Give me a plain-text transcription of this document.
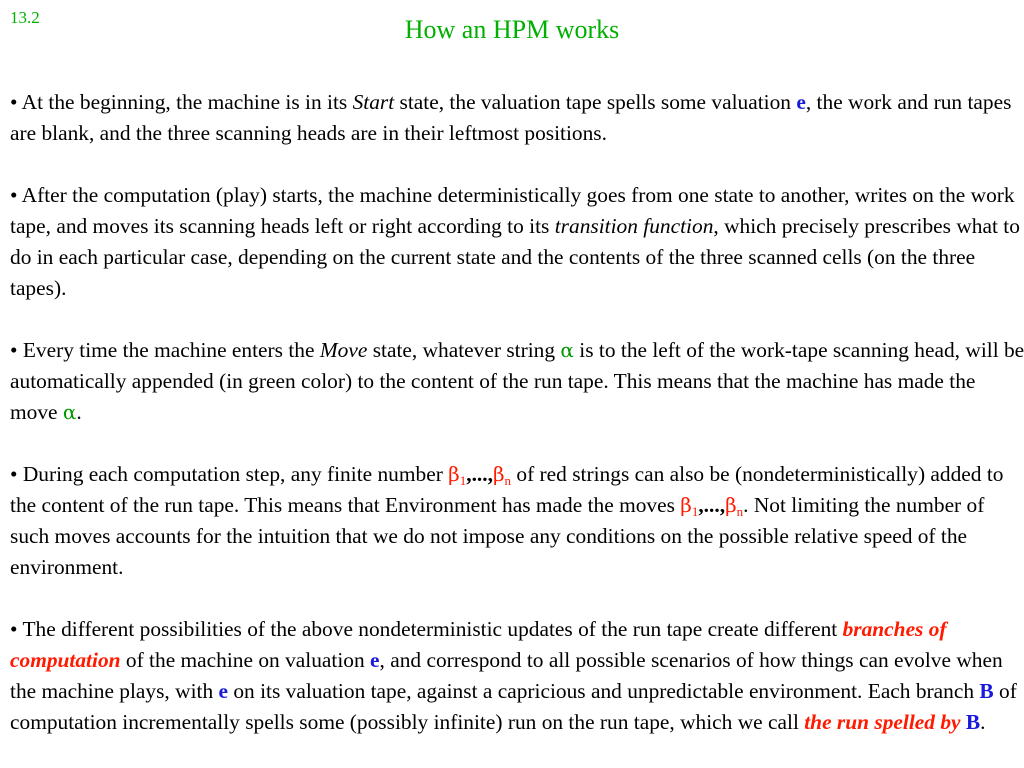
13.2	How an HPM works

• At the beginning, the machine is in its Start state, the valuation tape spells some valuation e, the work and run tapes are blank, and the three scanning heads are in their leftmost positions.

• After the computation (play) starts, the machine deterministically goes from one state to another, writes on the work tape, and moves its scanning heads left or right according to its transition function, which precisely prescribes what to do in each particular case, depending on the current state and the contents of the three scanned cells (on the three tapes).

• Every time the machine enters the Move state, whatever string α is to the left of the work-tape scanning head, will be automatically appended (in green color) to the content of the run tape. This means that the machine has made the move α.

• During each computation step, any finite number $\beta_1,...,\beta_n$ of red strings can also be (nondeterministically) added to the content of the run tape. This means that Environment has made the moves $\beta_1,...,\beta_n$. Not limiting the number of such moves accounts for the intuition that we do not impose any conditions on the possible relative speed of the environment.

• The different possibilities of the above nondeterministic updates of the run tape create different branches of computation of the machine on valuation e, and correspond to all possible scenarios of how things can evolve when the machine plays, with e on its valuation tape, against a capricious and unpredictable environment. Each branch B of computation incrementally spells some (possibly infinite) run on the run tape, which we call the run spelled by B.
